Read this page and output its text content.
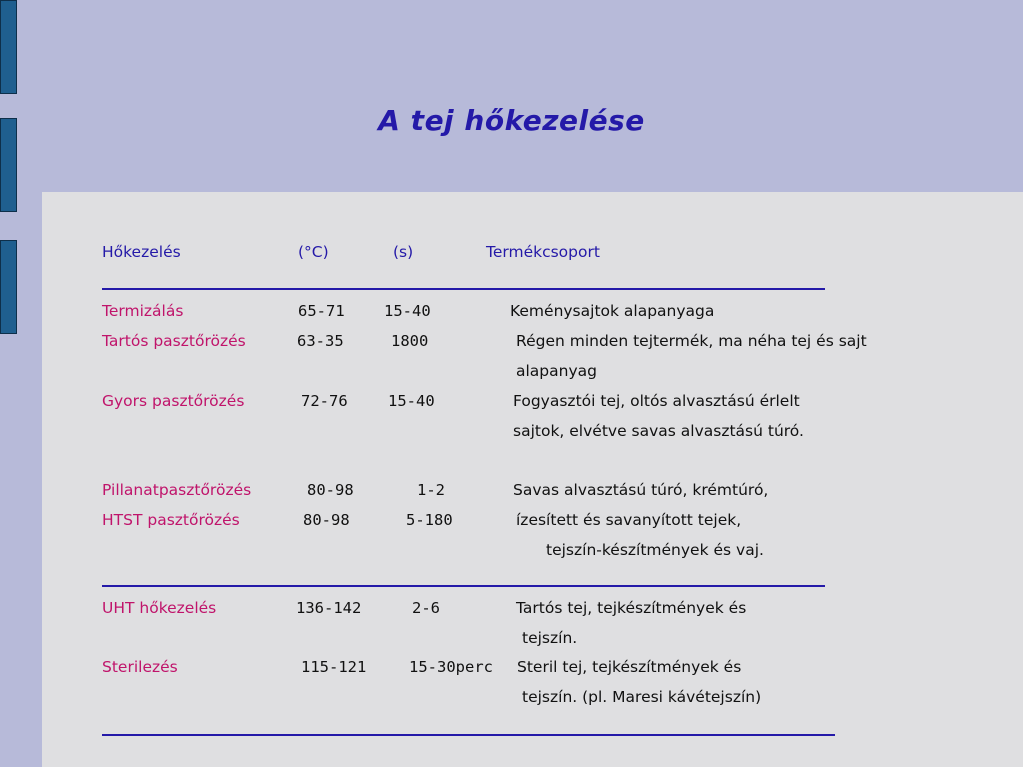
A tej hőkezelése
Hőkezelés	(°C)	(s)	Termékcsoport
Termizálás	65-71	15-40	Keménysajtok alapanyaga
Tartós pasztőrözés	63-35	1800	Régen minden tejtermék, ma néha tej és sajt
alapanyag
Gyors pasztőrözés	72-76	15-40	Fogyasztói tej, oltós alvasztású érlelt
sajtok, elvétve savas alvasztású túró.
Pillanatpasztőrözés	80-98	1-2	Savas alvasztású túró, krémtúró,
HTST pasztőrözés	80-98	5-180	ízesített és savanyított tejek,
tejszín-készítmények és vaj.
UHT hőkezelés	136-142	2-6	Tartós tej, tejkészítmények és
tejszín.
Sterilezés	115-121	15-30perc Steril tej, tejkészítmények és
tejszín. (pl. Maresi kávétejszín)
